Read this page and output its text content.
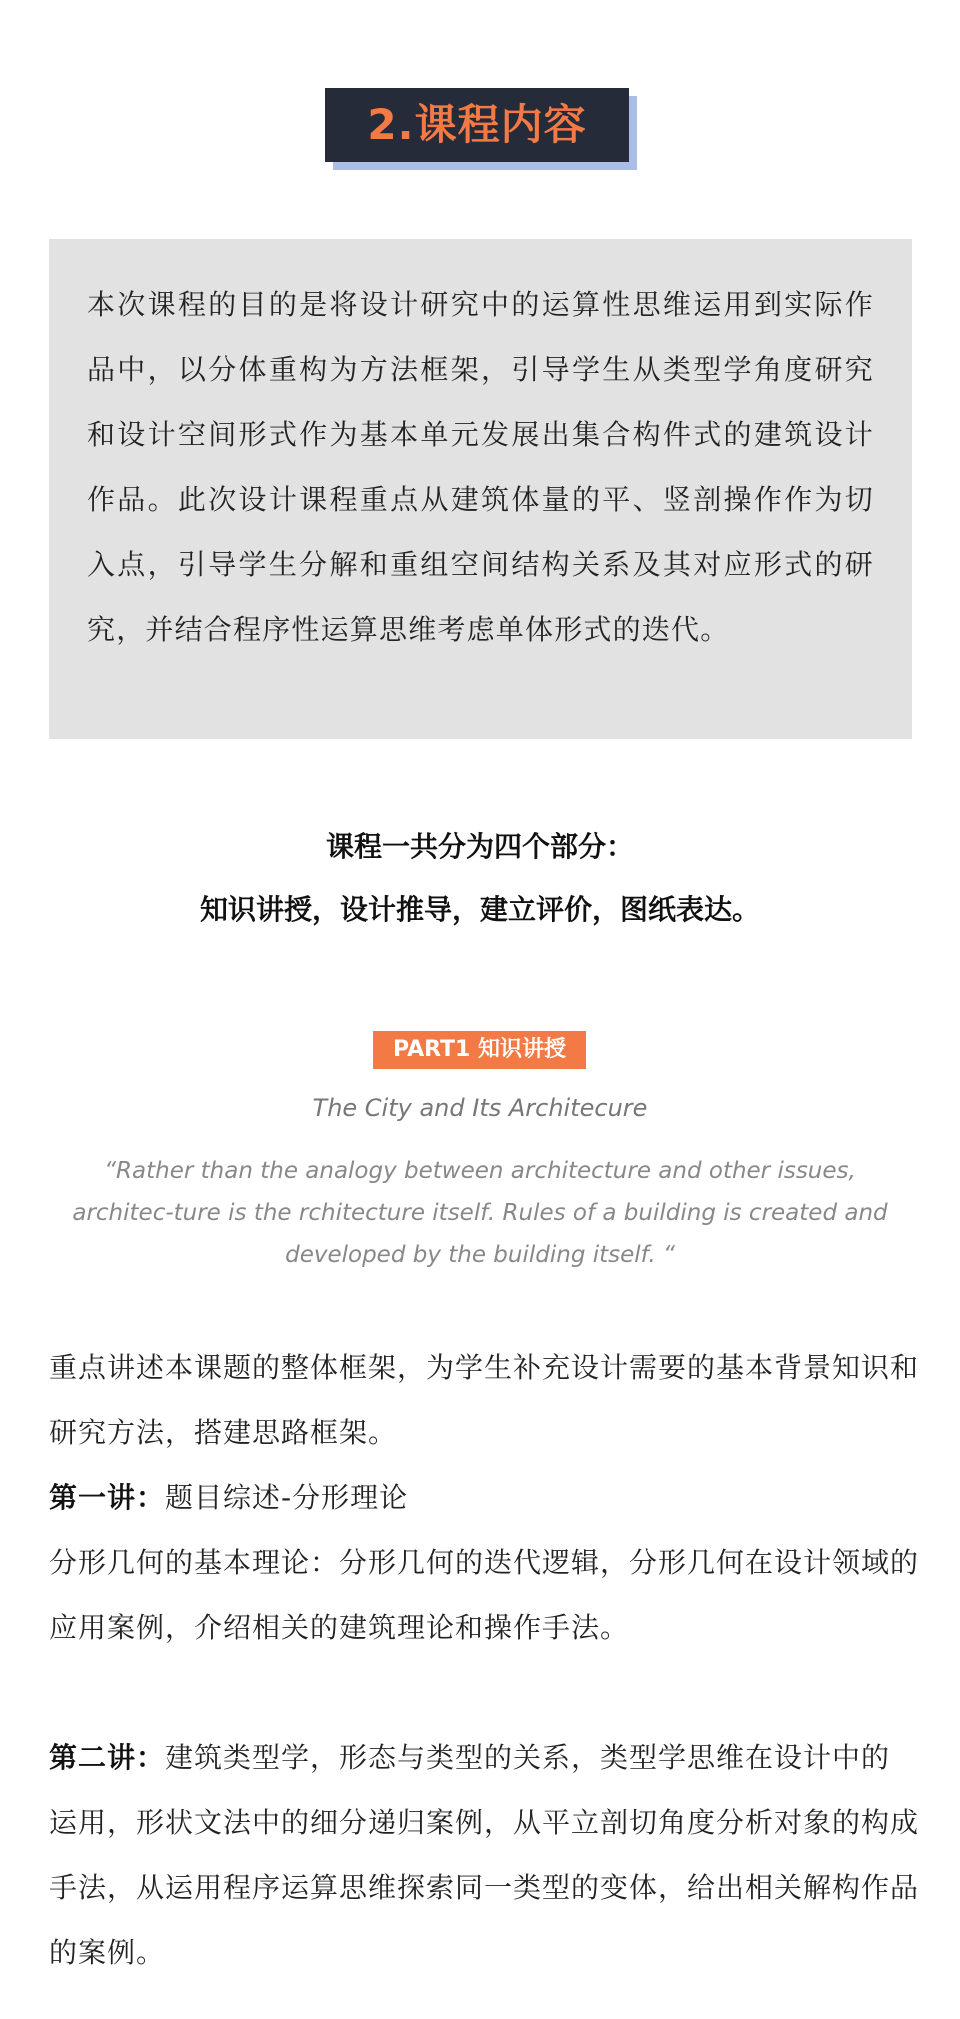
2.课程内容
本次课程的目的是将设计研究中的运算性思维运用到实际作品中，以分体重构为方法框架，引导学生从类型学角度研究和设计空间形式作为基本单元发展出集合构件式的建筑设计作品。此次设计课程重点从建筑体量的平、竖剖操作作为切入点，引导学生分解和重组空间结构关系及其对应形式的研究，并结合程序性运算思维考虑单体形式的迭代。
课程一共分为四个部分：
知识讲授，设计推导，建立评价，图纸表达。
PART1 知识讲授
The City and Its Architecure
“Rather than the analogy between architecture and other issues, architec-ture is the rchitecture itself. Rules of a building is created and developed by the building itself. “
重点讲述本课题的整体框架，为学生补充设计需要的基本背景知识和研究方法，搭建思路框架。
第一讲：题目综述-分形理论
分形几何的基本理论：分形几何的迭代逻辑，分形几何在设计领域的应用案例，介绍相关的建筑理论和操作手法。
第二讲：建筑类型学，形态与类型的关系，类型学思维在设计中的运用，形状文法中的细分递归案例，从平立剖切角度分析对象的构成手法，从运用程序运算思维探索同一类型的变体，给出相关解构作品的案例。
